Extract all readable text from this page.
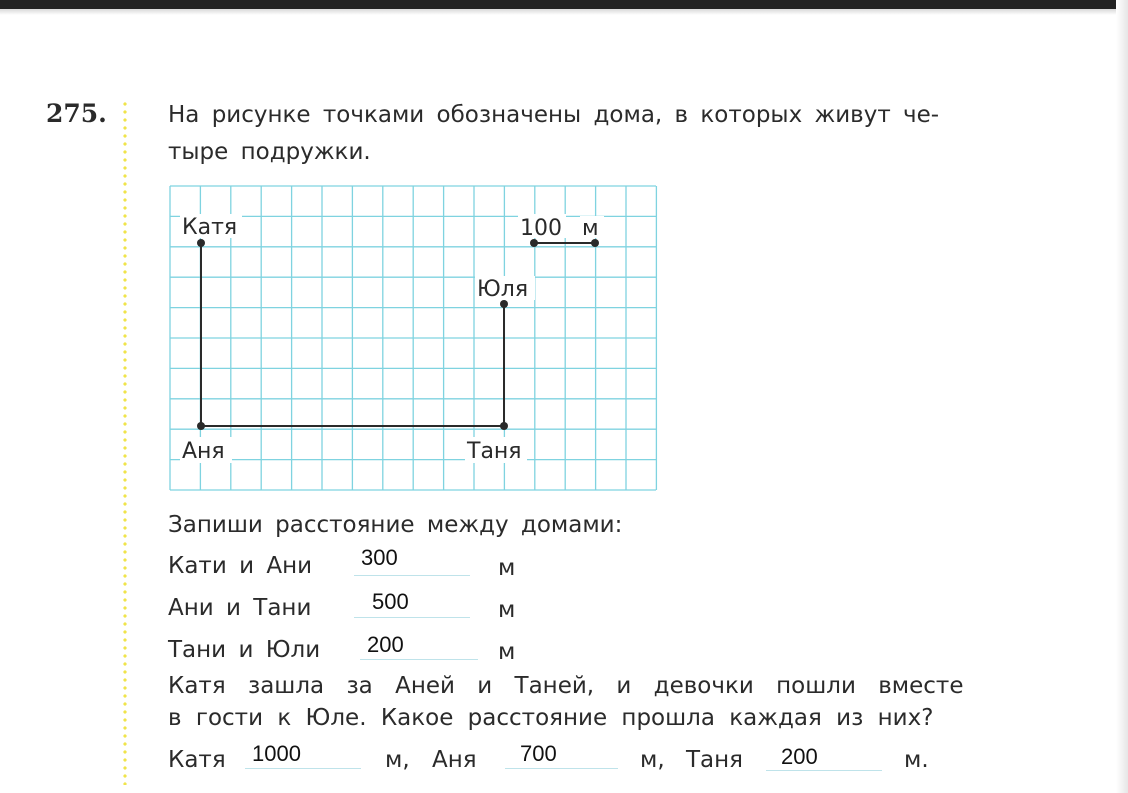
275.	На рисунке точками обозначены дома, в которых живут че-
тыре подружки.
Катя
Юля
Аня	Таня
100 м
Запиши расстояние между домами:
Кати и Ани 300	м
Ани и Тани	500	м
Тани и Юли 200	м
Катя зашла за Аней и Таней, и девочки пошли вместе
в гости к Юле. Какое расстояние прошла каждая из них?
Катя 1000	м, Аня 700	м, Таня 200	м.
